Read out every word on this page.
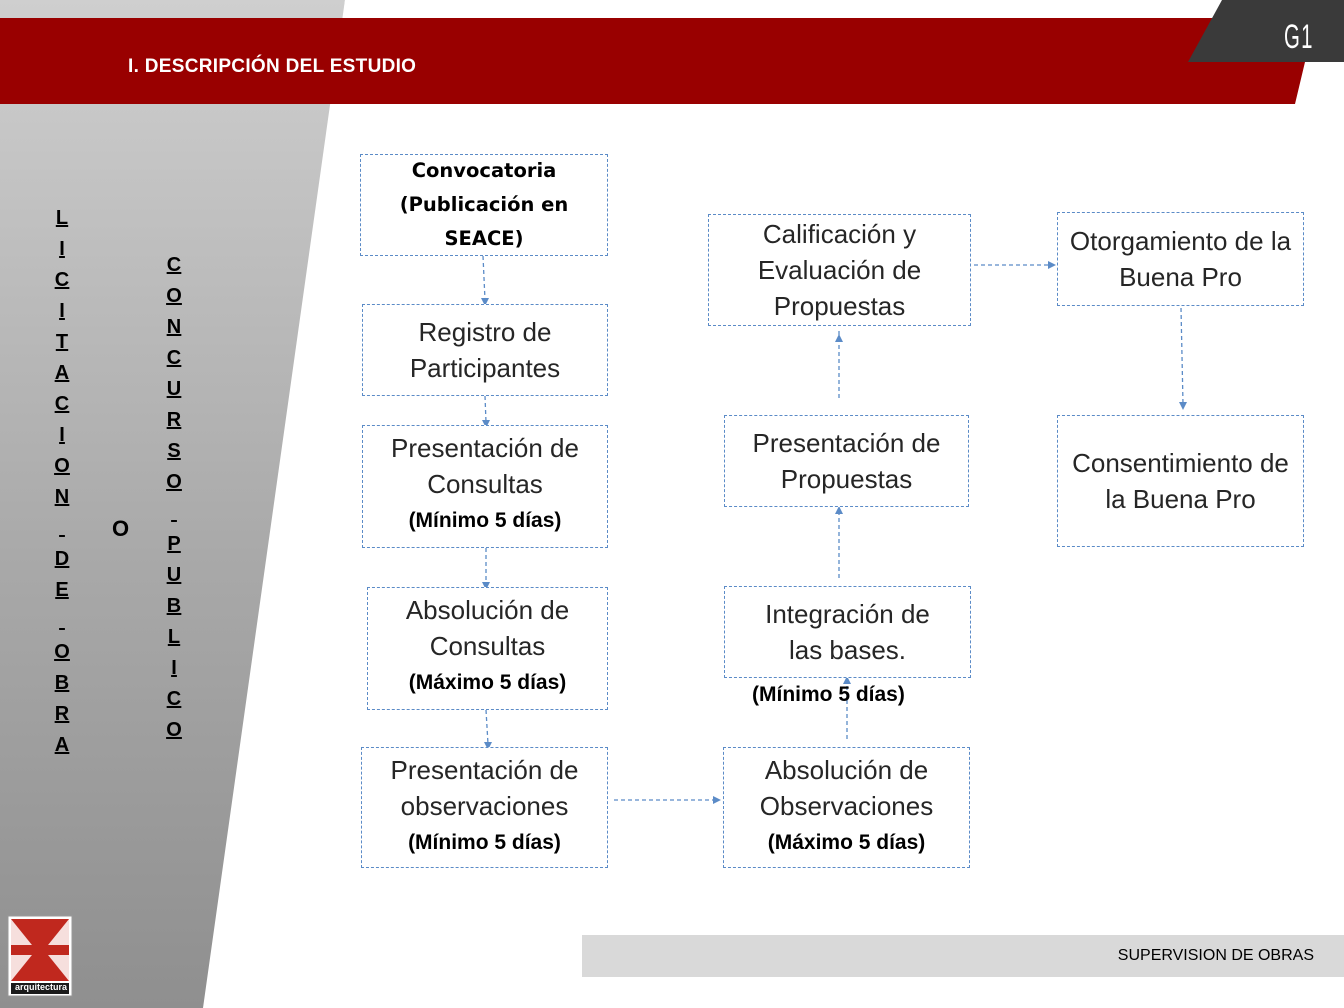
I. DESCRIPCIÓN DEL ESTUDIO
G1
L
I
C
I
T
A
C
I
O
N

D
E

O
B
R
A
O
C
O
N
C
U
R
S
O

P
U
B
L
I
C
O
Convocatoria (Publicación en SEACE)
Registro de Participantes
Presentación de Consultas
(Mínimo 5 días)
Absolución de Consultas
(Máximo 5 días)
Presentación de observaciones
(Mínimo 5 días)
Absolución de Observaciones
(Máximo 5 días)
Integración de las bases.
(Mínimo 5 días)
Presentación de Propuestas
Calificación y Evaluación de Propuestas
Otorgamiento de la Buena Pro
Consentimiento de la Buena Pro
SUPERVISION DE OBRAS
arquitectura
